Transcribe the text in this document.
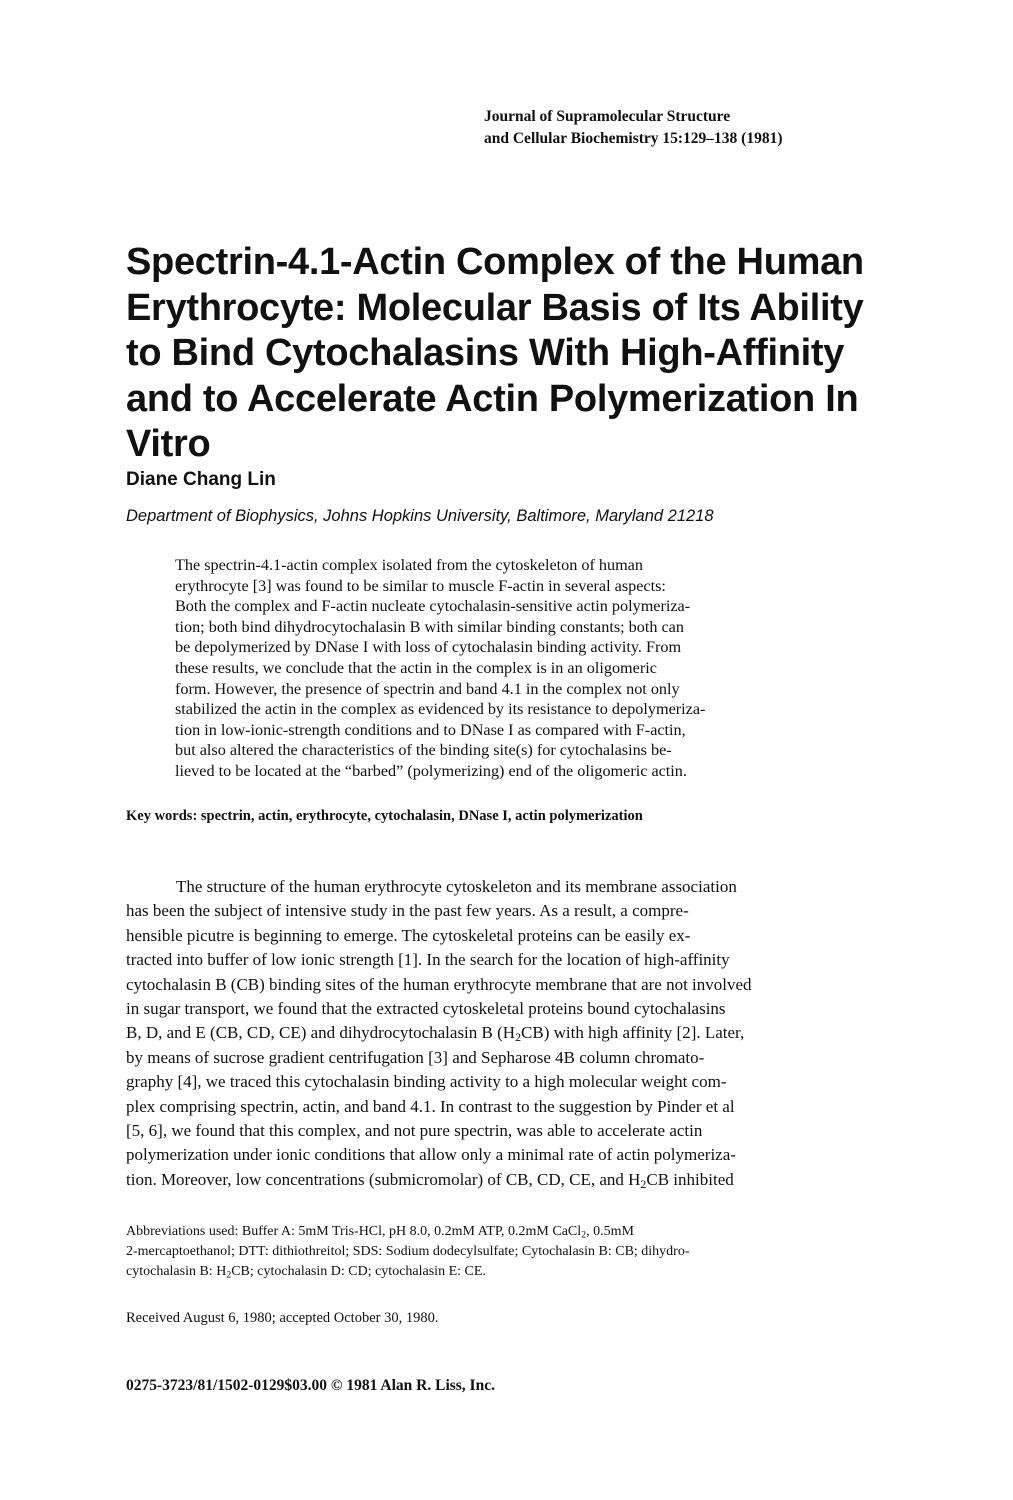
Journal of Supramolecular Structure
and Cellular Biochemistry 15:129–138 (1981)
Spectrin-4.1-Actin Complex of the Human
Erythrocyte: Molecular Basis of Its Ability
to Bind Cytochalasins With High-Affinity
and to Accelerate Actin Polymerization In
Vitro
Diane Chang Lin
Department of Biophysics, Johns Hopkins University, Baltimore, Maryland 21218
The spectrin-4.1-actin complex isolated from the cytoskeleton of human
erythrocyte [3] was found to be similar to muscle F-actin in several aspects:
Both the complex and F-actin nucleate cytochalasin-sensitive actin polymeriza-
tion; both bind dihydrocytochalasin B with similar binding constants; both can
be depolymerized by DNase I with loss of cytochalasin binding activity. From
these results, we conclude that the actin in the complex is in an oligomeric
form. However, the presence of spectrin and band 4.1 in the complex not only
stabilized the actin in the complex as evidenced by its resistance to depolymeriza-
tion in low-ionic-strength conditions and to DNase I as compared with F-actin,
but also altered the characteristics of the binding site(s) for cytochalasins be-
lieved to be located at the “barbed” (polymerizing) end of the oligomeric actin.
Key words: spectrin, actin, erythrocyte, cytochalasin, DNase I, actin polymerization
The structure of the human erythrocyte cytoskeleton and its membrane association
has been the subject of intensive study in the past few years. As a result, a compre-
hensible picutre is beginning to emerge. The cytoskeletal proteins can be easily ex-
tracted into buffer of low ionic strength [1]. In the search for the location of high-affinity
cytochalasin B (CB) binding sites of the human erythrocyte membrane that are not involved
in sugar transport, we found that the extracted cytoskeletal proteins bound cytochalasins
B, D, and E (CB, CD, CE) and dihydrocytochalasin B $(H_2CB)$ with high affinity [2]. Later,
by means of sucrose gradient centrifugation [3] and Sepharose 4B column chromato-
graphy [4], we traced this cytochalasin binding activity to a high molecular weight com-
plex comprising spectrin, actin, and band 4.1. In contrast to the suggestion by Pinder et al
[5, 6], we found that this complex, and not pure spectrin, was able to accelerate actin
polymerization under ionic conditions that allow only a minimal rate of actin polymeriza-
tion. Moreover, low concentrations (submicromolar) of CB, CD, CE, and $H_2CB$ inhibited
Abbreviations used: Buffer A: 5mM Tris-HCl, pH 8.0, 0.2mM ATP, 0.2mM CaCl$_2$, 0.5mM
2-mercaptoethanol; DTT: dithiothreitol; SDS: Sodium dodecylsulfate; Cytochalasin B: CB; dihydro-
cytochalasin B: $H_2CB$; cytochalasin D: CD; cytochalasin E: CE.
Received August 6, 1980; accepted October 30, 1980.
0275-3723/81/1502-0129$03.00 © 1981 Alan R. Liss, Inc.
